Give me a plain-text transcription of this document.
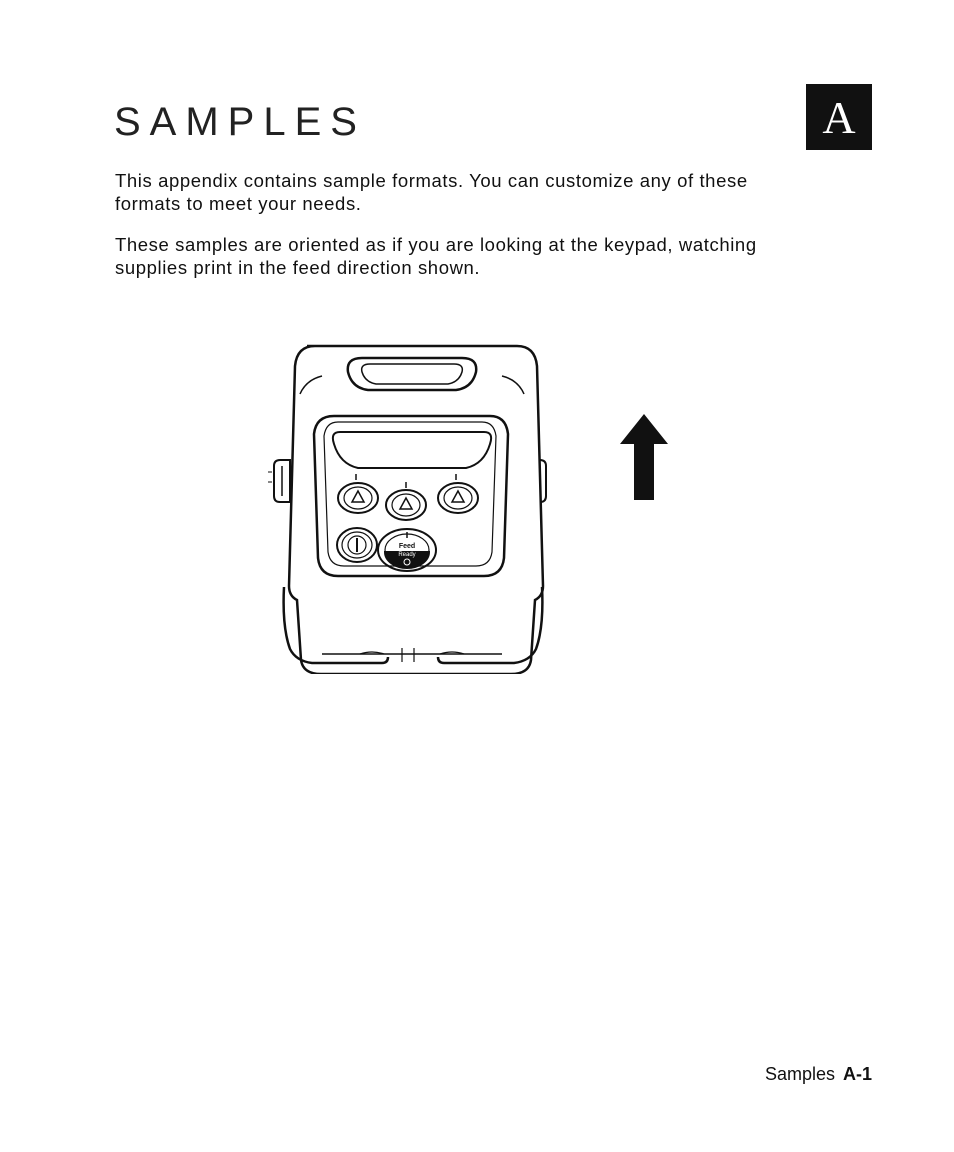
SAMPLES	A

This appendix contains sample formats. You can customize any of these formats to meet your needs.

These samples are oriented as if you are looking at the keypad, watching supplies print in the feed direction shown.

Feed
Ready
Samples A-1
